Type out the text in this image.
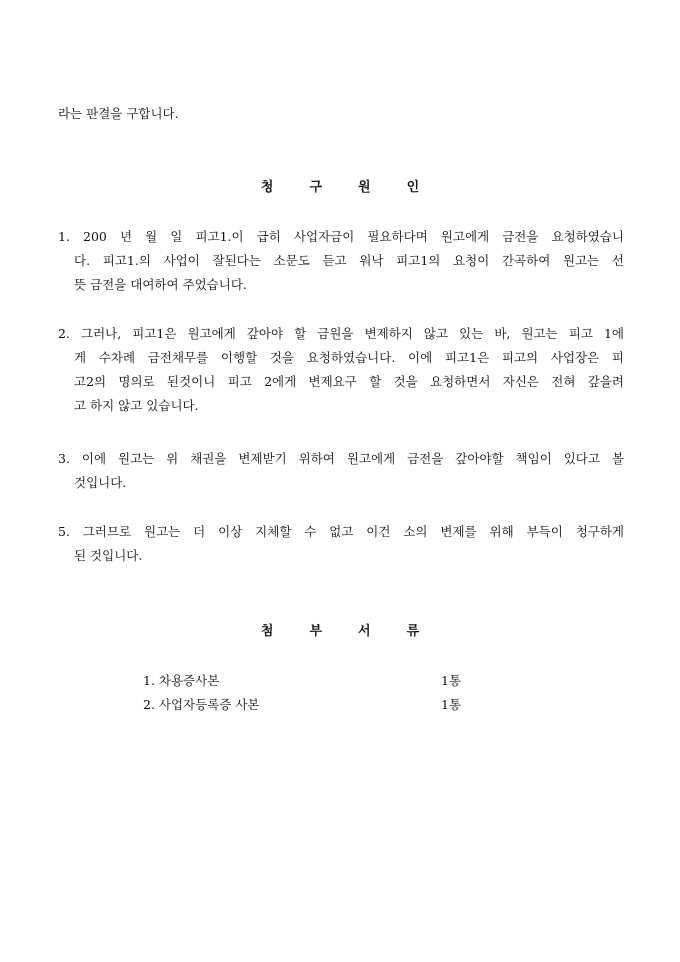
라는 판결을 구합니다.
청	구	원	인
1. 200 년 월 일 피고1.이 급히 사업자금이 필요하다며 원고에게 금전을 요청하였습니
다. 피고1.의 사업이 잘된다는 소문도 듣고 워낙 피고1의 요청이 간곡하여 원고는 선
뜻 금전을 대여하여 주었습니다.
2. 그러나, 피고1은 원고에게 갚아야 할 금원을 변제하지 않고 있는 바, 원고는 피고 1에
게 수차례 금전채무를 이행할 것을 요청하였습니다. 이에 피고1은 피고의 사업장은 피
고2의 명의로 된것이니 피고 2에게 변제요구 할 것을 요청하면서 자신은 전혀 갚을려
고 하지 않고 있습니다.
3. 이에 원고는 위 채권을 변제받기 위하여 원고에게 금전을 갚아야할 책임이 있다고 볼
것입니다.
5. 그러므로 원고는 더 이상 지체할 수 없고 이건 소의 변제를 위해 부득이 청구하게
된 것입니다.
첨	부	서	류
1. 차용증사본	1통
2. 사업자등록증 사본	1통
